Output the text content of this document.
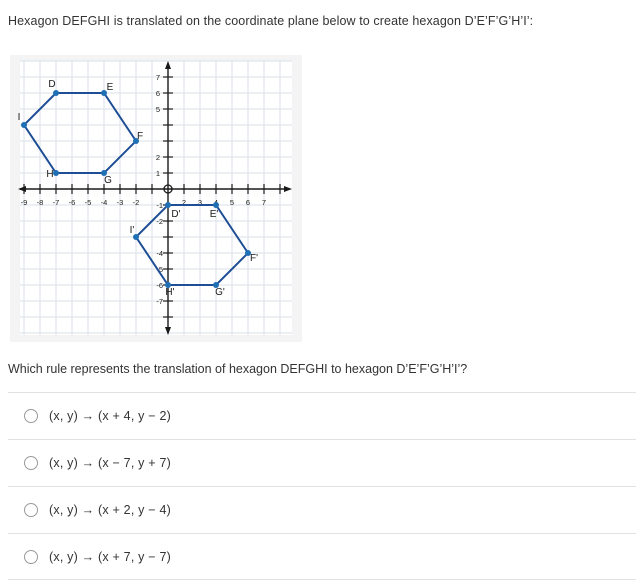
Hexagon DEFGHI is translated on the coordinate plane below to create hexagon D’E’F’G’H’I’:
-9 -8 -7 -6 -5 -4 -3 -2	2 3	5 6 7
7
6
5
2
1
-1
-2
-4
-5
-6
-7
D	E
F
G
H
I
D'	E'
F'
G'
H'
I'
Which rule represents the translation of hexagon DEFGHI to hexagon D’E’F’G’H’I’?
(x, y) → (x + 4, y − 2)
(x, y) → (x − 7, y + 7)
(x, y) → (x + 2, y − 4)
(x, y) → (x + 7, y − 7)
